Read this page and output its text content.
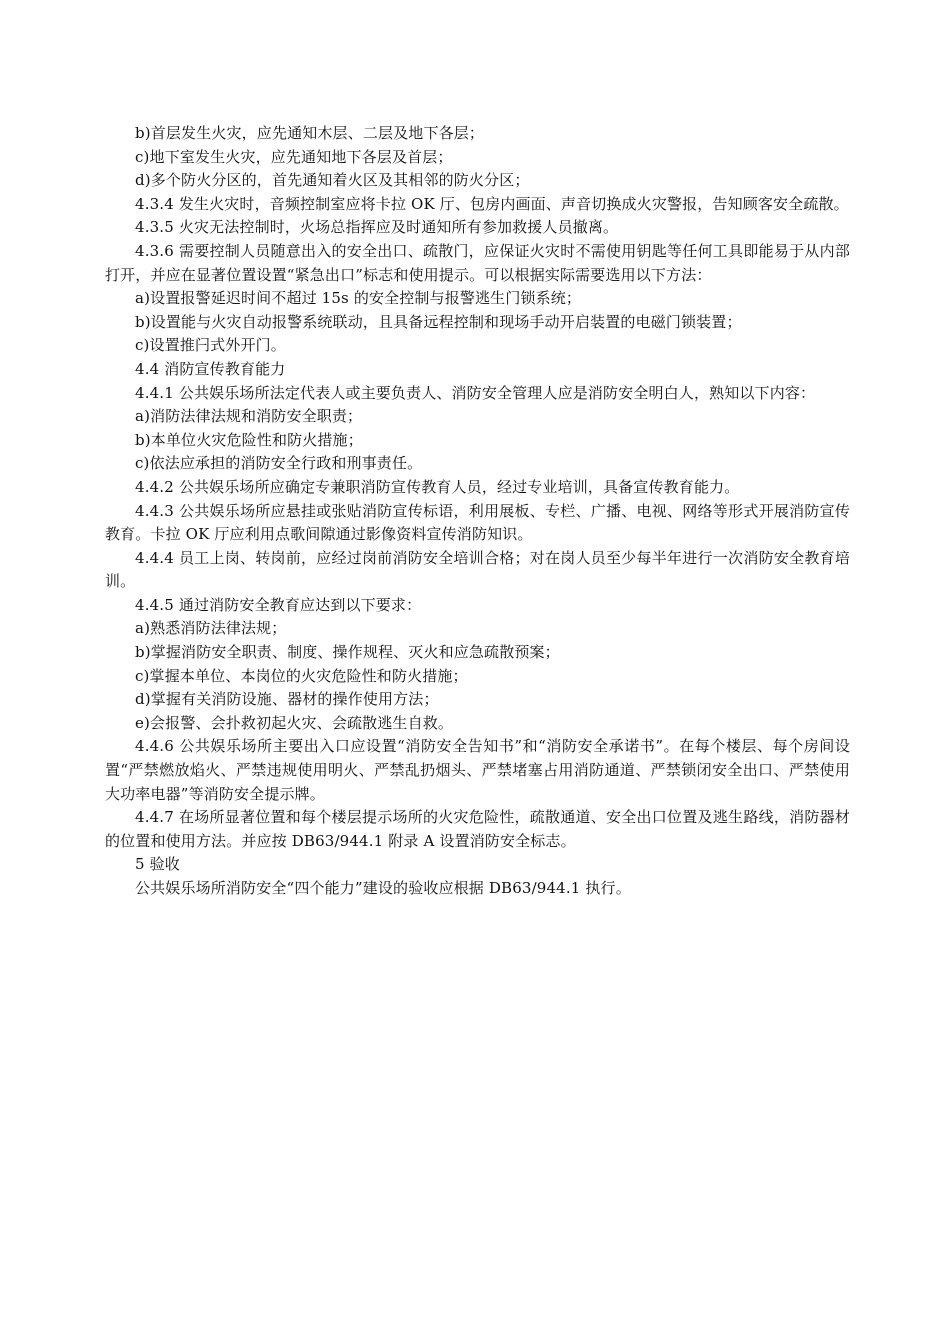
b)首层发生火灾，应先通知木层、二层及地下各层；

c)地下室发生火灾，应先通知地下各层及首层；

d)多个防火分区的，首先通知着火区及其相邻的防火分区；

4.3.4 发生火灾时，音频控制室应将卡拉 OK 厅、包房内画面、声音切换成火灾警报，告知顾客安全疏散。

4.3.5 火灾无法控制时，火场总指挥应及时通知所有参加救援人员撤离。

4.3.6 需要控制人员随意出入的安全出口、疏散门，应保证火灾时不需使用钥匙等任何工具即能易于从内部打开，并应在显著位置设置“紧急出口”标志和使用提示。可以根据实际需要选用以下方法：

a)设置报警延迟时间不超过 15s 的安全控制与报警逃生门锁系统；

b)设置能与火灾自动报警系统联动，且具备远程控制和现场手动开启装置的电磁门锁装置；

c)设置推闩式外开门。

4.4 消防宣传教育能力

4.4.1 公共娱乐场所法定代表人或主要负责人、消防安全管理人应是消防安全明白人，熟知以下内容：

a)消防法律法规和消防安全职责；

b)本单位火灾危险性和防火措施；

c)依法应承担的消防安全行政和刑事责任。

4.4.2 公共娱乐场所应确定专兼职消防宣传教育人员，经过专业培训，具备宣传教育能力。

4.4.3 公共娱乐场所应悬挂或张贴消防宣传标语，利用展板、专栏、广播、电视、网络等形式开展消防宣传教育。卡拉 OK 厅应利用点歌间隙通过影像资料宣传消防知识。

4.4.4 员工上岗、转岗前，应经过岗前消防安全培训合格；对在岗人员至少每半年进行一次消防安全教育培训。

4.4.5 通过消防安全教育应达到以下要求：

a)熟悉消防法律法规；

b)掌握消防安全职责、制度、操作规程、灭火和应急疏散预案；

c)掌握本单位、本岗位的火灾危险性和防火措施；

d)掌握有关消防设施、器材的操作使用方法；

e)会报警、会扑救初起火灾、会疏散逃生自救。

4.4.6 公共娱乐场所主要出入口应设置“消防安全告知书”和“消防安全承诺书”。在每个楼层、每个房间设置“严禁燃放焰火、严禁违规使用明火、严禁乱扔烟头、严禁堵塞占用消防通道、严禁锁闭安全出口、严禁使用大功率电器”等消防安全提示牌。

4.4.7 在场所显著位置和每个楼层提示场所的火灾危险性，疏散通道、安全出口位置及逃生路线，消防器材的位置和使用方法。并应按 DB63/944.1 附录 A 设置消防安全标志。

5 验收

公共娱乐场所消防安全“四个能力”建设的验收应根据 DB63/944.1 执行。
